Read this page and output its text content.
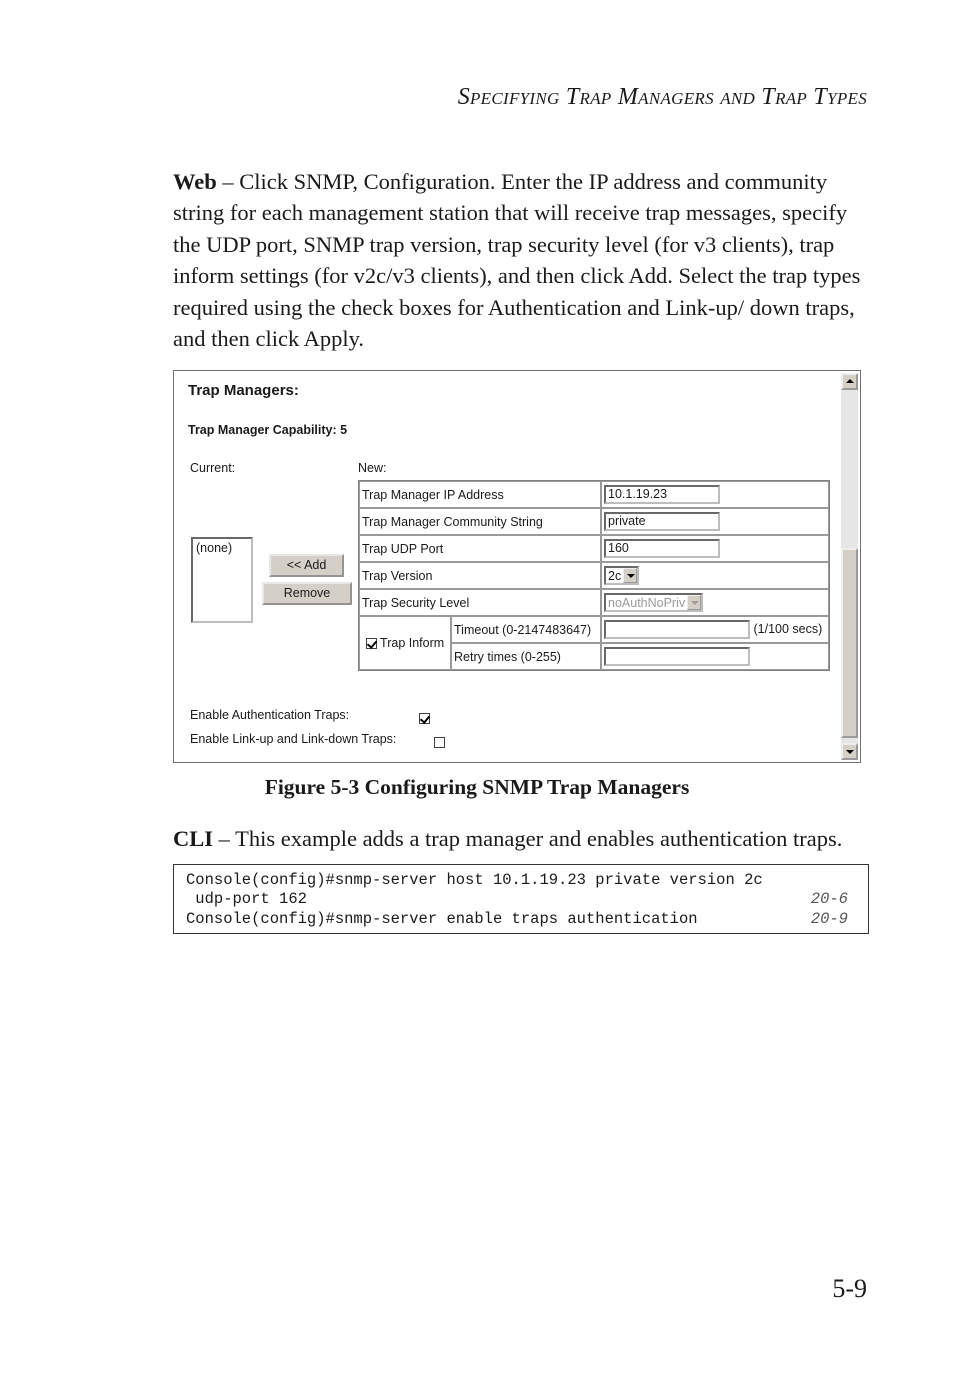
Specifying Trap Managers and Trap Types
Web – Click SNMP, Configuration. Enter the IP address and community string for each management station that will receive trap messages, specify the UDP port, SNMP trap version, trap security level (for v3 clients), trap inform settings (for v2c/v3 clients), and then click Add. Select the trap types required using the check boxes for Authentication and Link-up/ down traps, and then click Apply.
Trap Managers:
Trap Manager Capability: 5
Current:	New:
(none)
<< Add
Remove
Trap Manager IP Address		10.1.19.23
Trap Manager Community String		private
Trap UDP Port		160
Trap Version		2c

Trap Security Level		noAuthNoPriv

Trap Inform	Timeout (0-2147483647)	(1/100 secs)
	Retry times (0-255)	
Enable Authentication Traps:

Enable Link-up and Link-down Traps:
Figure 5-3 Configuring SNMP Trap Managers
CLI – This example adds a trap manager and enables authentication traps.
Console(config)#snmp-server host 10.1.19.23 private version 2c
udp-port 162	20-6
Console(config)#snmp-server enable traps authentication	20-9
5-9
